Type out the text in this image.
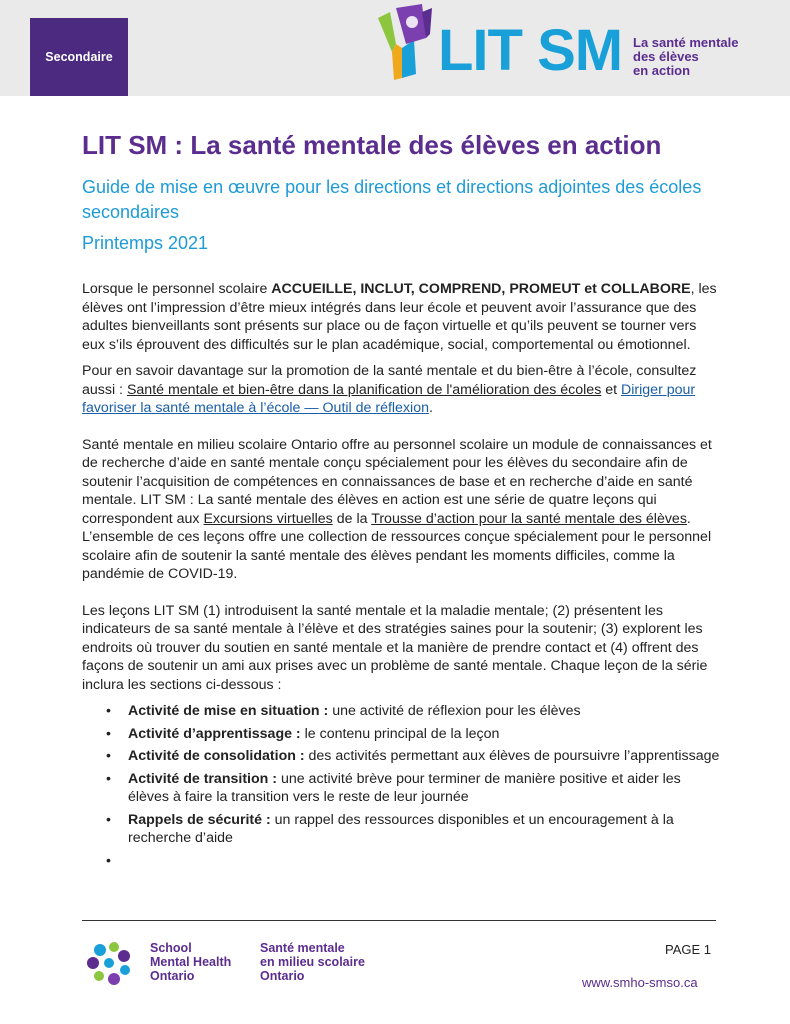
Secondaire	LIT SM La santé mentale
des élèves
en action
LIT SM : La santé mentale des élèves en action

Guide de mise en œuvre pour les directions et directions adjointes des écoles secondaires

Printemps 2021

Lorsque le personnel scolaire ACCUEILLE, INCLUT, COMPREND, PROMEUT et COLLABORE, les élèves ont l’impression d’être mieux intégrés dans leur école et peuvent avoir l’assurance que des adultes bienveillants sont présents sur place ou de façon virtuelle et qu’ils peuvent se tourner vers eux s’ils éprouvent des difficultés sur le plan académique, social, comportemental ou émotionnel.

Pour en savoir davantage sur la promotion de la santé mentale et du bien-être à l’école, consultez aussi : Santé mentale et bien-être dans la planification de l'amélioration des écoles et Diriger pour favoriser la santé mentale à l’école — Outil de réflexion.

Santé mentale en milieu scolaire Ontario offre au personnel scolaire un module de connaissances et de recherche d’aide en santé mentale conçu spécialement pour les élèves du secondaire afin de soutenir l’acquisition de compétences en connaissances de base et en recherche d’aide en santé mentale. LIT SM : La santé mentale des élèves en action est une série de quatre leçons qui correspondent aux Excursions virtuelles de la Trousse d’action pour la santé mentale des élèves. L’ensemble de ces leçons offre une collection de ressources conçue spécialement pour le personnel scolaire afin de soutenir la santé mentale des élèves pendant les moments difficiles, comme la pandémie de COVID-19.

Les leçons LIT SM (1) introduisent la santé mentale et la maladie mentale; (2) présentent les indicateurs de sa santé mentale à l’élève et des stratégies saines pour la soutenir; (3) explorent les endroits où trouver du soutien en santé mentale et la manière de prendre contact et (4) offrent des façons de soutenir un ami aux prises avec un problème de santé mentale. Chaque leçon de la série inclura les sections ci-dessous :

• Activité de mise en situation : une activité de réflexion pour les élèves
• Activité d’apprentissage : le contenu principal de la leçon
• Activité de consolidation : des activités permettant aux élèves de poursuivre l’apprentissage
• Activité de transition : une activité brève pour terminer de manière positive et aider les élèves à faire la transition vers le reste de leur journée
• Rappels de sécurité : un rappel des ressources disponibles et un encouragement à la recherche d’aide
•

School
Mental Health
Ontario
Santé mentale
en milieu scolaire
Ontario
PAGE 1
www.smho-smso.ca
